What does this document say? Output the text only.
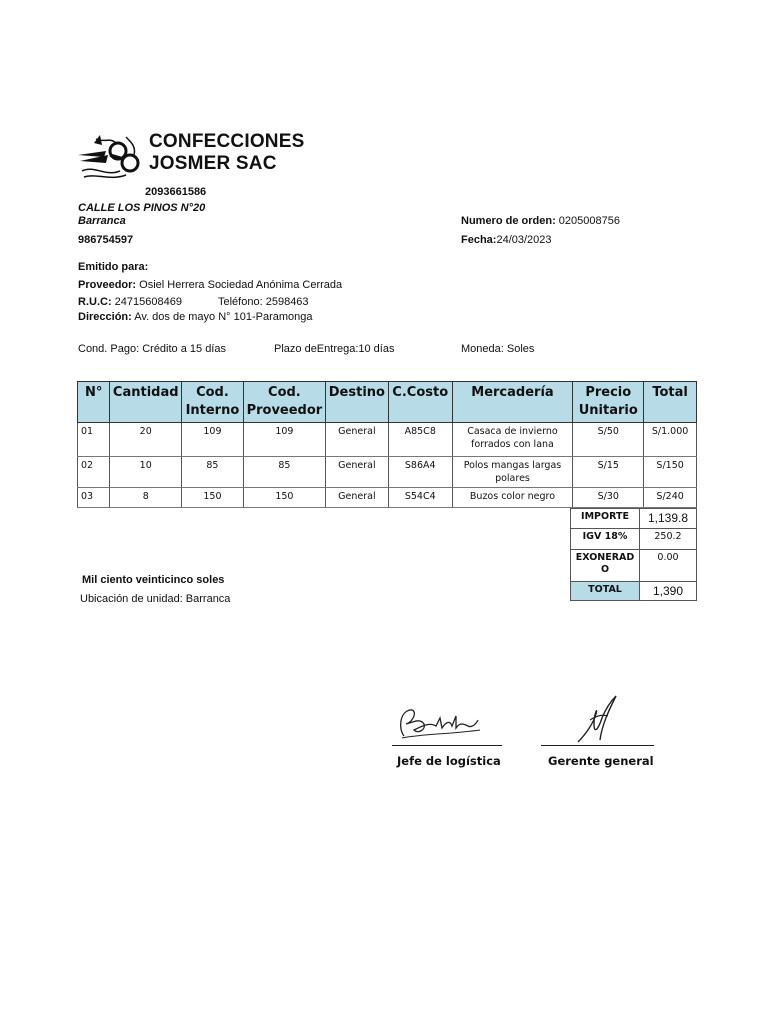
CONFECCIONES
JOSMER SAC
2093661586
CALLE LOS PINOS N°20
Barranca
986754597
Numero de orden: 0205008756
Fecha:24/03/2023
Emitido para:
Proveedor: Osiel Herrera Sociedad Anónima Cerrada
R.U.C: 24715608469	Teléfono: 2598463
Dirección: Av. dos de mayo N° 101-Paramonga
Cond. Pago: Crédito a 15 días	Plazo deEntrega:10 días	Moneda: Soles
N°	Cantidad	Cod. Interno	Cod. Proveedor	Destino	C.Costo	Mercadería	Precio Unitario	Total
01	20	109	109	General	A85C8	Casaca de invierno forrados con lana	S/50	S/1.000
02	10	85	85	General	S86A4	Polos mangas largas polares	S/15	S/150
03	8	150	150	General	S54C4	Buzos color negro	S/30	S/240
IMPORTE	1,139.8
IGV 18%	250.2
EXONERADO	0.00
TOTAL	1,390
Mil ciento veinticinco soles
Ubicación de unidad: Barranca
Jefe de logística	Gerente general
